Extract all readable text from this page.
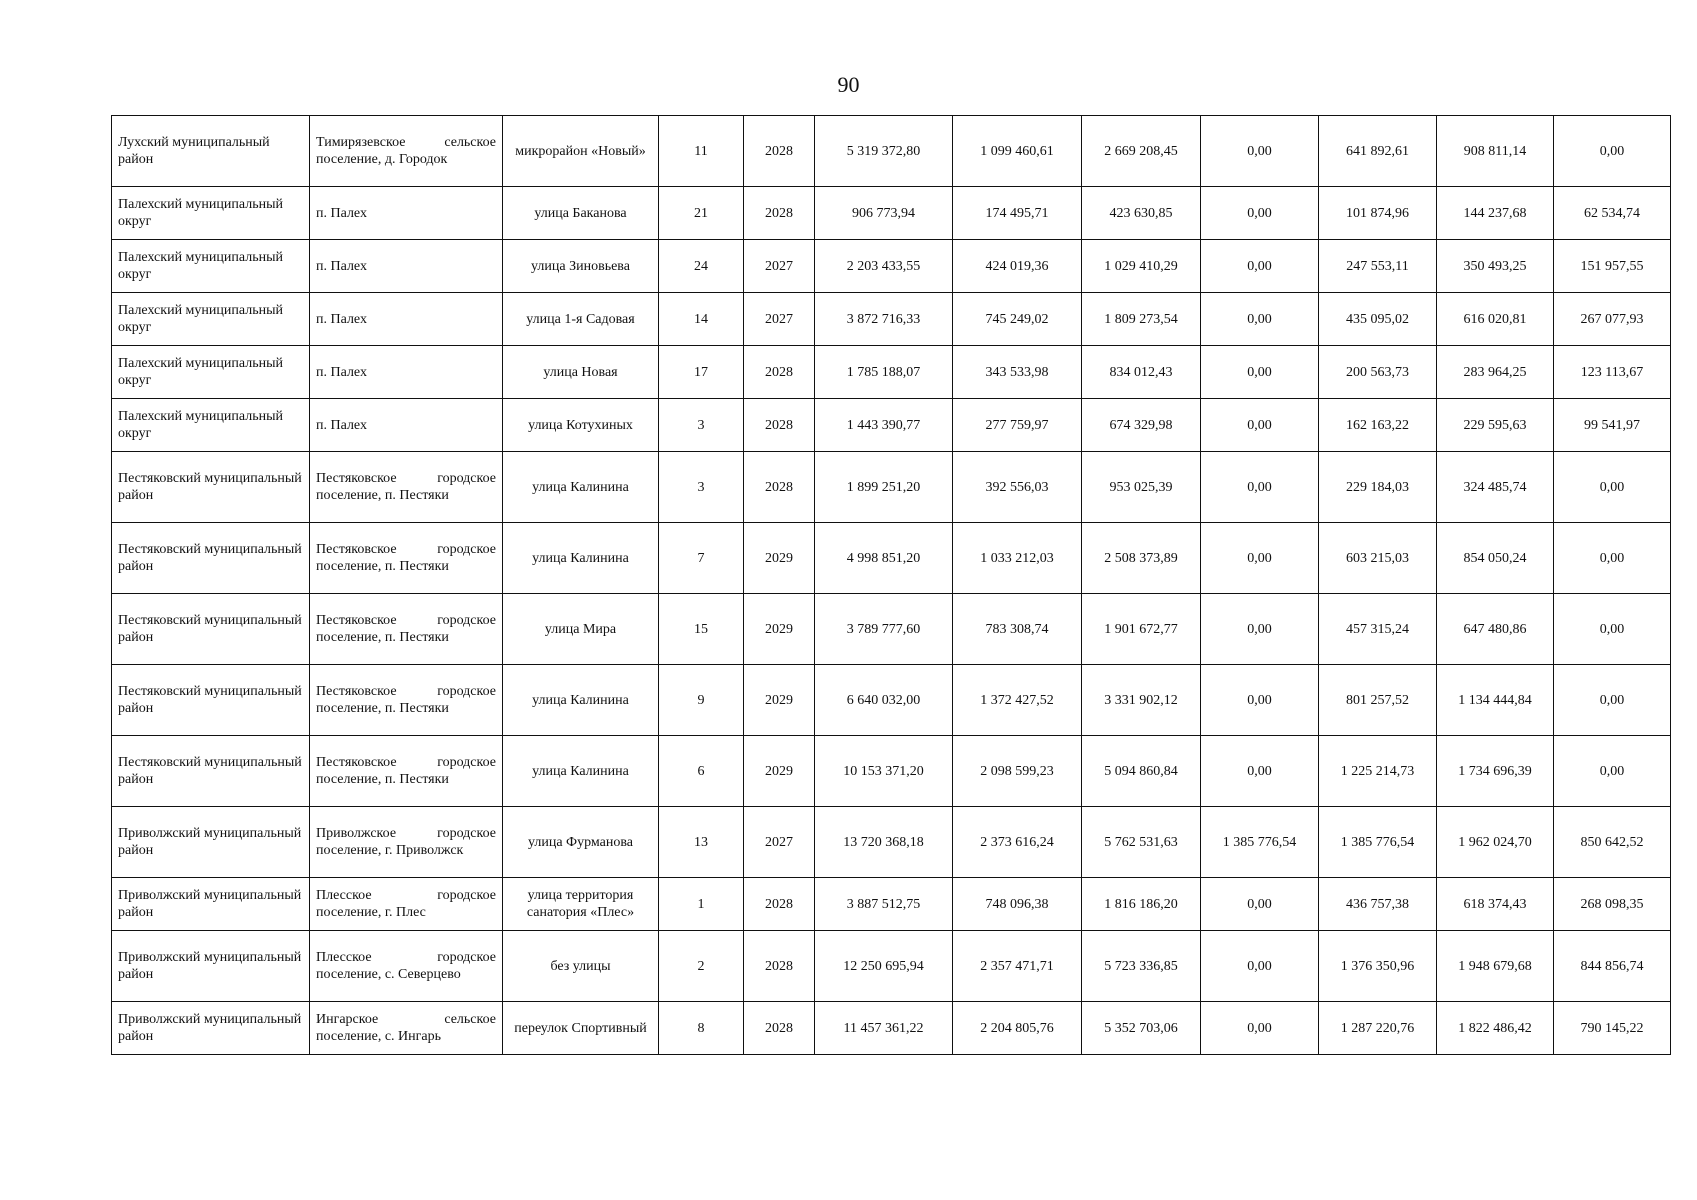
90
Лухский муниципальный район	Тимирязевское сельское поселение, д. Городок	микрорайон «Новый»	11	2028	5 319 372,80	1 099 460,61	2 669 208,45	0,00	641 892,61	908 811,14	0,00
Палехский муниципальный округ	п. Палех	улица Баканова	21	2028	906 773,94	174 495,71	423 630,85	0,00	101 874,96	144 237,68	62 534,74
Палехский муниципальный округ	п. Палех	улица Зиновьева	24	2027	2 203 433,55	424 019,36	1 029 410,29	0,00	247 553,11	350 493,25	151 957,55
Палехский муниципальный округ	п. Палех	улица 1-я Садовая	14	2027	3 872 716,33	745 249,02	1 809 273,54	0,00	435 095,02	616 020,81	267 077,93
Палехский муниципальный округ	п. Палех	улица Новая	17	2028	1 785 188,07	343 533,98	834 012,43	0,00	200 563,73	283 964,25	123 113,67
Палехский муниципальный округ	п. Палех	улица Котухиных	3	2028	1 443 390,77	277 759,97	674 329,98	0,00	162 163,22	229 595,63	99 541,97
Пестяковский муниципальный район	Пестяковское городское поселение, п. Пестяки	улица Калинина	3	2028	1 899 251,20	392 556,03	953 025,39	0,00	229 184,03	324 485,74	0,00
Пестяковский муниципальный район	Пестяковское городское поселение, п. Пестяки	улица Калинина	7	2029	4 998 851,20	1 033 212,03	2 508 373,89	0,00	603 215,03	854 050,24	0,00
Пестяковский муниципальный район	Пестяковское городское поселение, п. Пестяки	улица Мира	15	2029	3 789 777,60	783 308,74	1 901 672,77	0,00	457 315,24	647 480,86	0,00
Пестяковский муниципальный район	Пестяковское городское поселение, п. Пестяки	улица Калинина	9	2029	6 640 032,00	1 372 427,52	3 331 902,12	0,00	801 257,52	1 134 444,84	0,00
Пестяковский муниципальный район	Пестяковское городское поселение, п. Пестяки	улица Калинина	6	2029	10 153 371,20	2 098 599,23	5 094 860,84	0,00	1 225 214,73	1 734 696,39	0,00
Приволжский муниципальный район	Приволжское городское поселение, г. Приволжск	улица Фурманова	13	2027	13 720 368,18	2 373 616,24	5 762 531,63	1 385 776,54	1 385 776,54	1 962 024,70	850 642,52
Приволжский муниципальный район	Плесское городское поселение, г. Плес	улица территория санатория «Плес»	1	2028	3 887 512,75	748 096,38	1 816 186,20	0,00	436 757,38	618 374,43	268 098,35
Приволжский муниципальный район	Плесское городское поселение, с. Северцево	без улицы	2	2028	12 250 695,94	2 357 471,71	5 723 336,85	0,00	1 376 350,96	1 948 679,68	844 856,74
Приволжский муниципальный район	Ингарское сельское поселение, с. Ингарь	переулок Спортивный	8	2028	11 457 361,22	2 204 805,76	5 352 703,06	0,00	1 287 220,76	1 822 486,42	790 145,22
